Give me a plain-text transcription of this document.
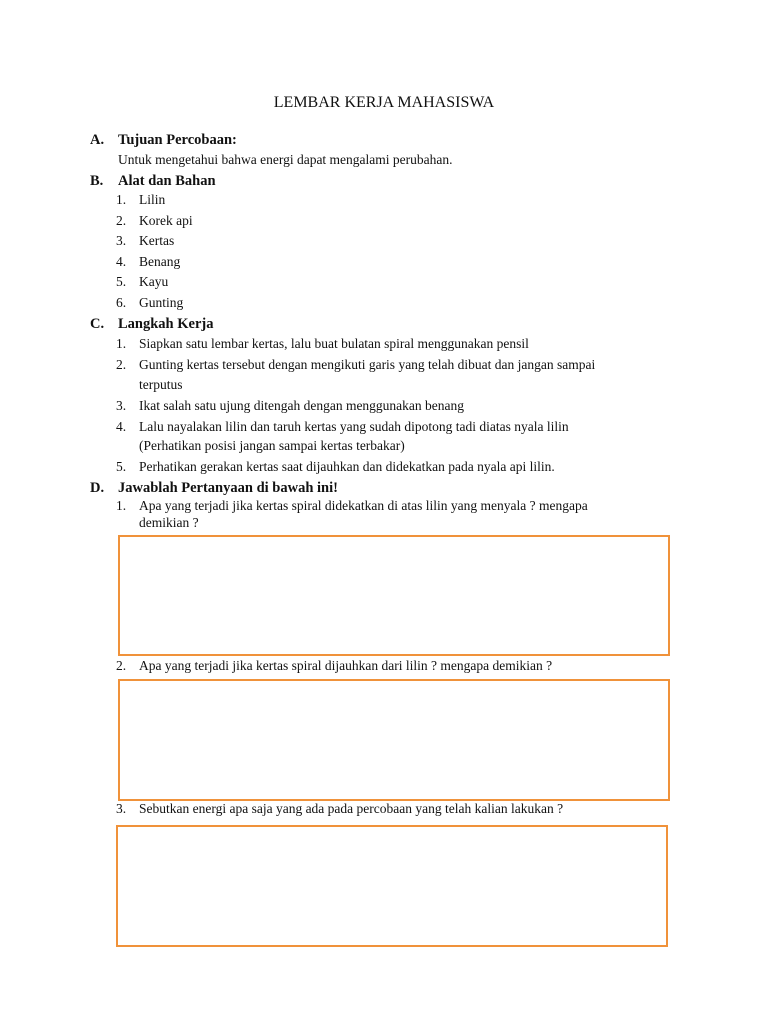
LEMBAR KERJA MAHASISWA
A. Tujuan Percobaan:
Untuk mengetahui bahwa energi dapat mengalami perubahan.
B. Alat dan Bahan
1. Lilin
2. Korek api
3. Kertas
4. Benang
5. Kayu
6. Gunting
C. Langkah Kerja
1. Siapkan satu lembar kertas, lalu buat bulatan spiral menggunakan pensil
2. Gunting kertas tersebut dengan mengikuti garis yang telah dibuat dan jangan sampai
terputus
3. Ikat salah satu ujung ditengah dengan menggunakan benang
4. Lalu nayalakan lilin dan taruh kertas yang sudah dipotong tadi diatas nyala lilin
(Perhatikan posisi jangan sampai kertas terbakar)
5. Perhatikan gerakan kertas saat dijauhkan dan didekatkan pada nyala api lilin.
D. Jawablah Pertanyaan di bawah ini!
1. Apa yang terjadi jika kertas spiral didekatkan di atas lilin yang menyala ? mengapa
demikian ?
2. Apa yang terjadi jika kertas spiral dijauhkan dari lilin ? mengapa demikian ?
3. Sebutkan energi apa saja yang ada pada percobaan yang telah kalian lakukan ?
